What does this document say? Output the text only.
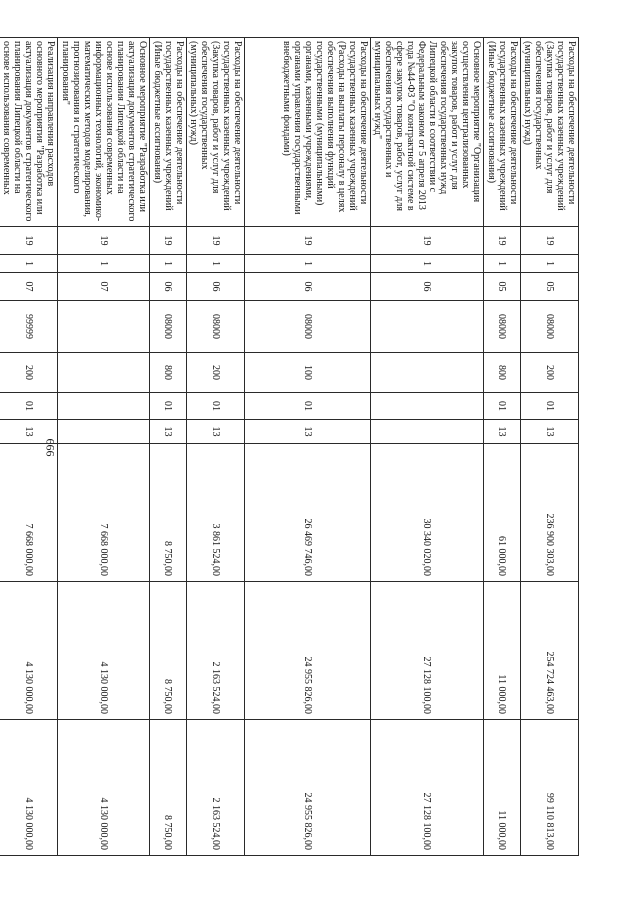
666
Расходы на обеспечение деятельности государственных казенных учреждений (Закупка товаров, работ и услуг для обеспечения государственных (муниципальных) нужд)	19	1	05	08000	200	01	13	236 900 303,00	254 724 463,00	99 110 813,00
Расходы на обеспечение деятельности государственных казенных учреждений (Иные бюджетные ассигнования)	19	1	05	08000	800	01	13	61 000,00	11 000,00	11 000,00
Основное мероприятие "Организация осуществления централизованных закупок товаров, работ и услуг для обеспечения государственных нужд Липецкой области в соответствии с Федеральным законом от 5 апреля 2013 года №44-ФЗ "О контрактной системе в сфере закупок товаров, работ, услуг для обеспечения государственных и муниципальных нужд"	19	1	06					30 340 020,00	27 128 100,00	27 128 100,00
Расходы на обеспечение деятельности государственных казенных учреждений (Расходы на выплаты персоналу в целях обеспечения выполнения функций государственными (муниципальными) органами, казенными учреждениями, органами управления государственными внебюджетными фондами)	19	1	06	08000	100	01	13	26 469 746,00	24 955 826,00	24 955 826,00
Расходы на обеспечение деятельности государственных казенных учреждений (Закупка товаров, работ и услуг для обеспечения государственных (муниципальных) нужд)	19	1	06	08000	200	01	13	3 861 524,00	2 163 524,00	2 163 524,00
Расходы на обеспечение деятельности государственных казенных учреждений (Иные бюджетные ассигнования)	19	1	06	08000	800	01	13	8 750,00	8 750,00	8 750,00
Основное мероприятие "Разработка или актуализация документов стратегического планирования Липецкой области на основе использования современных информационных технологий, экономико-математических методов моделирования, прогнозирования и стратегического планирования"	19	1	07					7 668 000,00	4 130 000,00	4 130 000,00
Реализация направления расходов основного мероприятия "Разработка или актуализация документов стратегического планирования Липецкой области на основе использования современных	19	1	07	99999	200	01	13	7 668 000,00	4 130 000,00	4 130 000,00
